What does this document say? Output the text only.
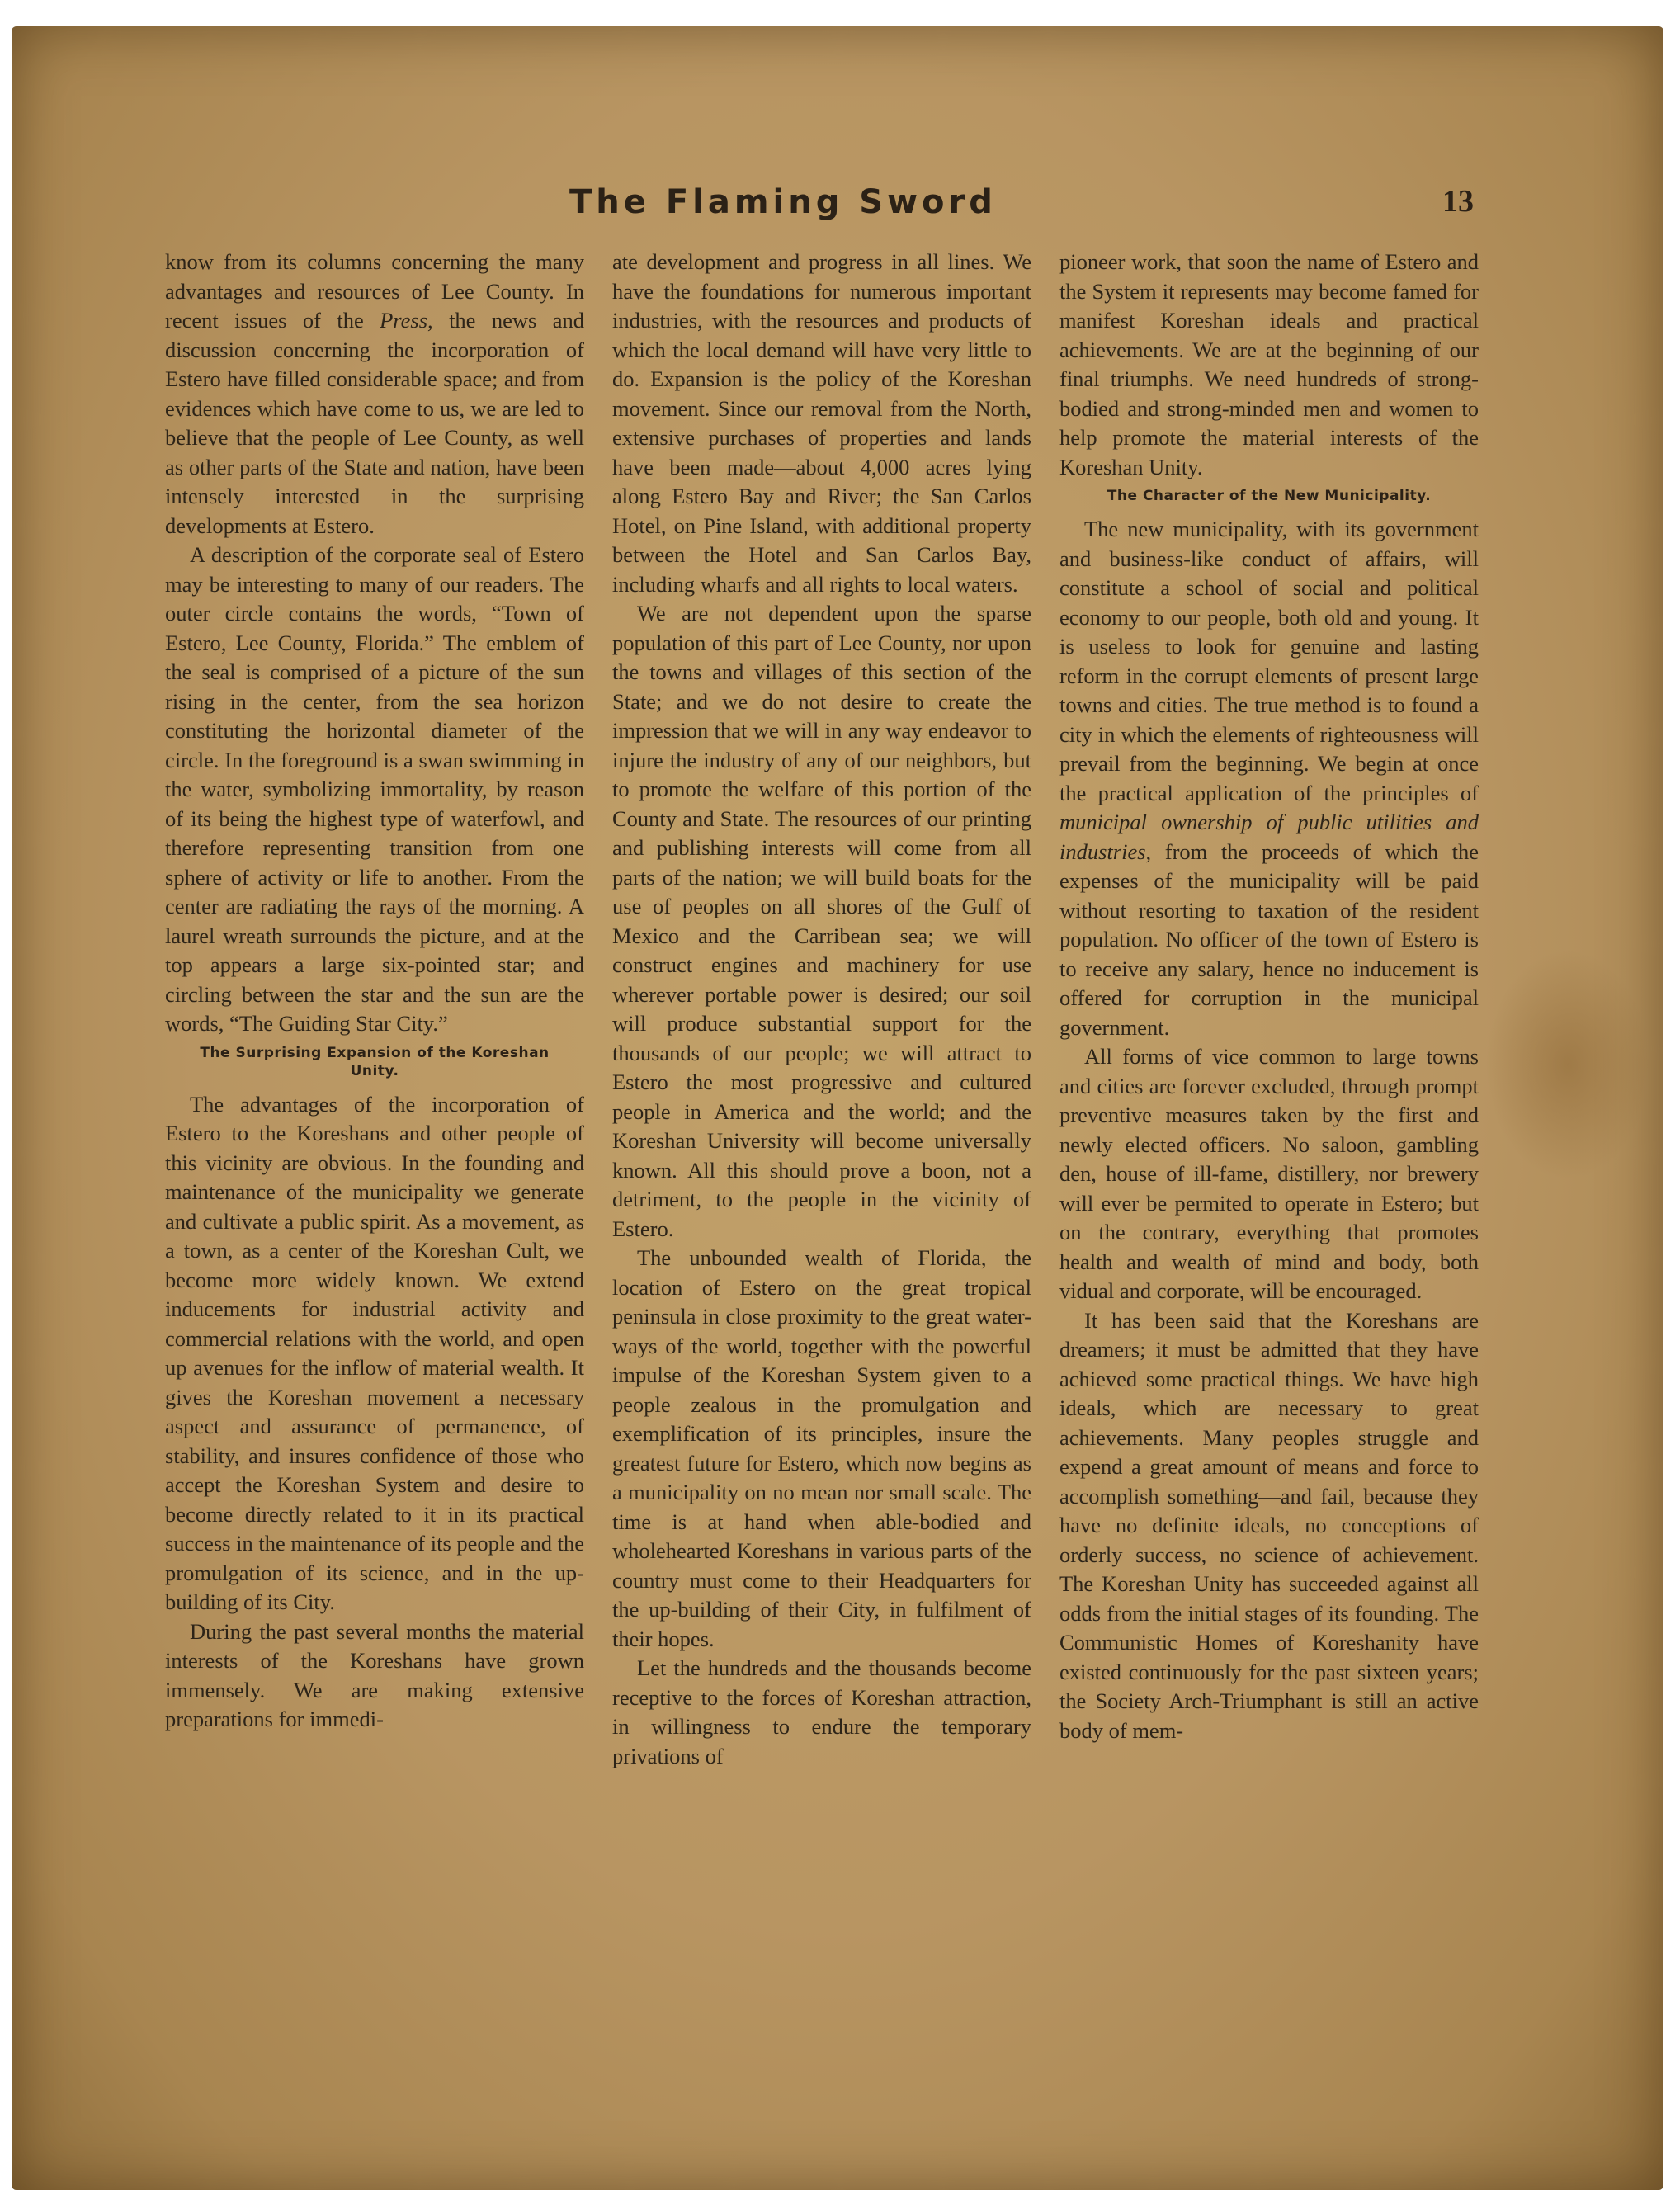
The Flaming Sword	13

know from its columns concerning the many advantages and resources of Lee County. In recent issues of the Press, the news and discussion concerning the incorporation of Estero have filled considerable space; and from evidences which have come to us, we are led to believe that the people of Lee County, as well as other parts of the State and nation, have been intensely interested in the surprising developments at Estero.

A description of the corporate seal of Estero may be interesting to many of our readers. The outer circle contains the words, “Town of Estero, Lee County, Florida.” The emblem of the seal is comprised of a picture of the sun rising in the center, from the sea horizon constituting the horizontal diameter of the circle. In the foreground is a swan swimming in the water, symbolizing immortality, by reason of its being the highest type of waterfowl, and therefore representing transition from one sphere of activity or life to another. From the center are radiating the rays of the morning. A laurel wreath surrounds the picture, and at the top appears a large six-pointed star; and circling between the star and the sun are the words, “The Guiding Star City.”

The Surprising Expansion of the Koreshan Unity.

The advantages of the incorporation of Estero to the Koreshans and other people of this vicinity are obvious. In the founding and maintenance of the municipality we generate and cultivate a public spirit. As a movement, as a town, as a center of the Koreshan Cult, we become more widely known. We extend inducements for industrial activity and commercial relations with the world, and open up avenues for the inflow of material wealth. It gives the Koreshan movement a necessary aspect and assurance of permanence, of stability, and insures confidence of those who accept the Koreshan System and desire to become directly related to it in its practical success in the maintenance of its people and the promulgation of its science, and in the up-building of its City.

During the past several months the material interests of the Koreshans have grown immensely. We are making extensive preparations for immedi-

ate development and progress in all lines. We have the foundations for numerous important industries, with the resources and products of which the local demand will have very little to do. Expansion is the policy of the Koreshan movement. Since our removal from the North, extensive purchases of properties and lands have been made—about 4,000 acres lying along Estero Bay and River; the San Carlos Hotel, on Pine Island, with additional property between the Hotel and San Carlos Bay, including wharfs and all rights to local waters.

We are not dependent upon the sparse population of this part of Lee County, nor upon the towns and villages of this section of the State; and we do not desire to create the impression that we will in any way endeavor to injure the industry of any of our neighbors, but to promote the welfare of this portion of the County and State. The resources of our printing and publishing interests will come from all parts of the nation; we will build boats for the use of peoples on all shores of the Gulf of Mexico and the Carribean sea; we will construct engines and machinery for use wherever portable power is desired; our soil will produce substantial support for the thousands of our people; we will attract to Estero the most progressive and cultured people in America and the world; and the Koreshan University will become universally known. All this should prove a boon, not a detriment, to the people in the vicinity of Estero.

The unbounded wealth of Florida, the location of Estero on the great tropical peninsula in close proximity to the great water-ways of the world, together with the powerful impulse of the Koreshan System given to a people zealous in the promulgation and exemplification of its principles, insure the greatest future for Estero, which now begins as a municipality on no mean nor small scale. The time is at hand when able-bodied and wholehearted Koreshans in various parts of the country must come to their Headquarters for the up-building of their City, in fulfilment of their hopes.

Let the hundreds and the thousands become receptive to the forces of Koreshan attraction, in willingness to endure the temporary privations of

pioneer work, that soon the name of Estero and the System it represents may become famed for manifest Koreshan ideals and practical achievements. We are at the beginning of our final triumphs. We need hundreds of strong-bodied and strong-minded men and women to help promote the material interests of the Koreshan Unity.

The Character of the New Municipality.

The new municipality, with its government and business-like conduct of affairs, will constitute a school of social and political economy to our people, both old and young. It is useless to look for genuine and lasting reform in the corrupt elements of present large towns and cities. The true method is to found a city in which the elements of righteousness will prevail from the beginning. We begin at once the practical application of the principles of municipal ownership of public utilities and industries, from the proceeds of which the expenses of the municipality will be paid without resorting to taxation of the resident population. No officer of the town of Estero is to receive any salary, hence no inducement is offered for corruption in the municipal government.

All forms of vice common to large towns and cities are forever excluded, through prompt preventive measures taken by the first and newly elected officers. No saloon, gambling den, house of ill-fame, distillery, nor brewery will ever be permited to operate in Estero; but on the contrary, everything that promotes health and wealth of mind and body, both vidual and corporate, will be encouraged.

It has been said that the Koreshans are dreamers; it must be admitted that they have achieved some practical things. We have high ideals, which are necessary to great achievements. Many peoples struggle and expend a great amount of means and force to accomplish something—and fail, because they have no definite ideals, no conceptions of orderly success, no science of achievement. The Koreshan Unity has succeeded against all odds from the initial stages of its founding. The Communistic Homes of Koreshanity have existed continuously for the past sixteen years; the Society Arch-Triumphant is still an active body of mem-
